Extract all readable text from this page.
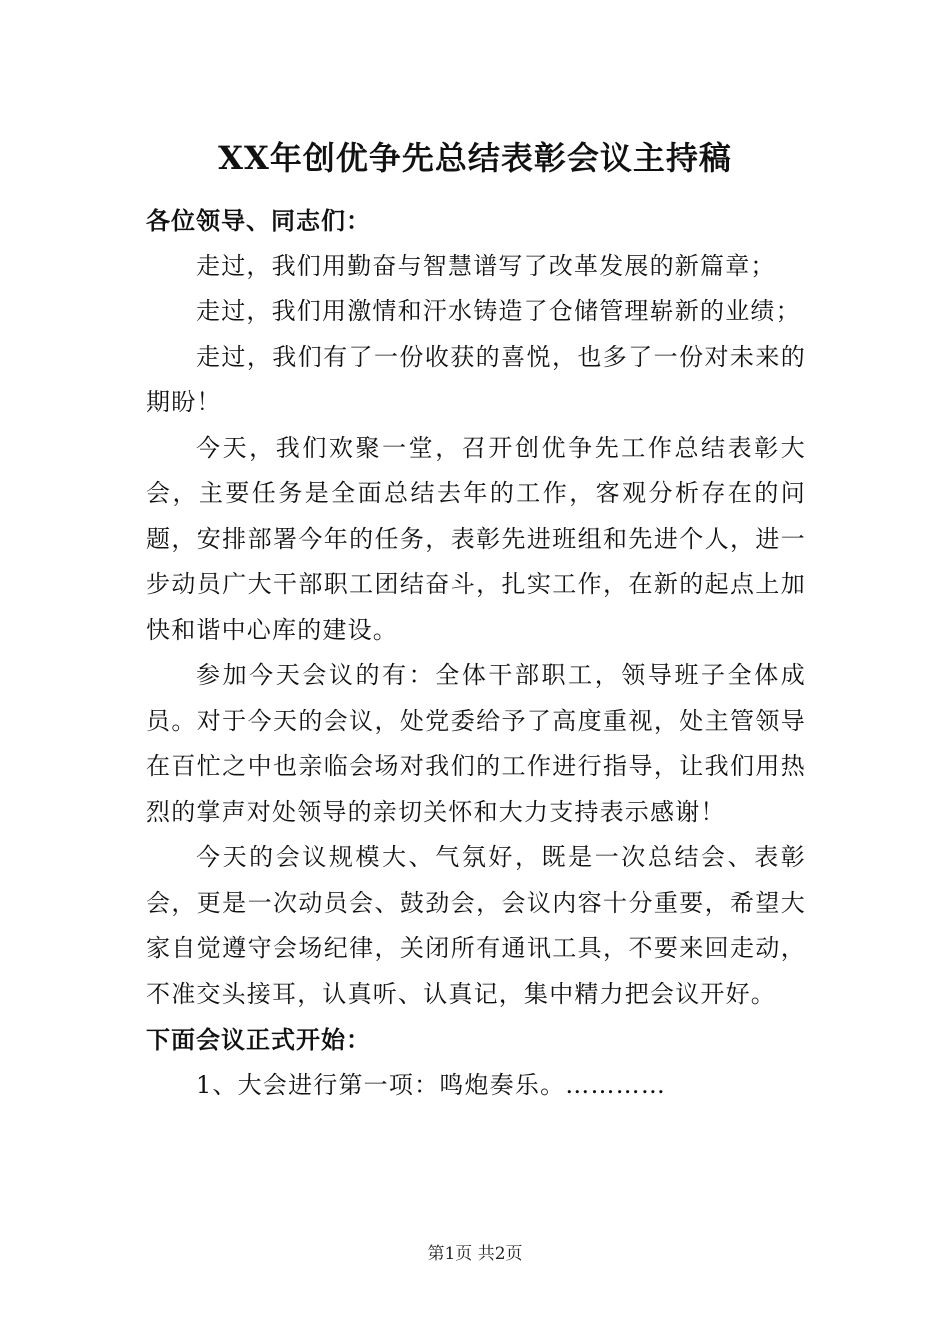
XX年创优争先总结表彰会议主持稿

各位领导、同志们：

走过，我们用勤奋与智慧谱写了改革发展的新篇章；

走过，我们用激情和汗水铸造了仓储管理崭新的业绩；

走过，我们有了一份收获的喜悦，也多了一份对未来的期盼！

今天，我们欢聚一堂，召开创优争先工作总结表彰大会，主要任务是全面总结去年的工作，客观分析存在的问题，安排部署今年的任务，表彰先进班组和先进个人，进一步动员广大干部职工团结奋斗，扎实工作，在新的起点上加快和谐中心库的建设。

参加今天会议的有：全体干部职工，领导班子全体成员。对于今天的会议，处党委给予了高度重视，处主管领导在百忙之中也亲临会场对我们的工作进行指导，让我们用热烈的掌声对处领导的亲切关怀和大力支持表示感谢！

今天的会议规模大、气氛好，既是一次总结会、表彰会，更是一次动员会、鼓劲会，会议内容十分重要，希望大家自觉遵守会场纪律，关闭所有通讯工具，不要来回走动，不准交头接耳，认真听、认真记，集中精力把会议开好。

下面会议正式开始：

1、大会进行第一项：鸣炮奏乐。…………

第1页 共2页
